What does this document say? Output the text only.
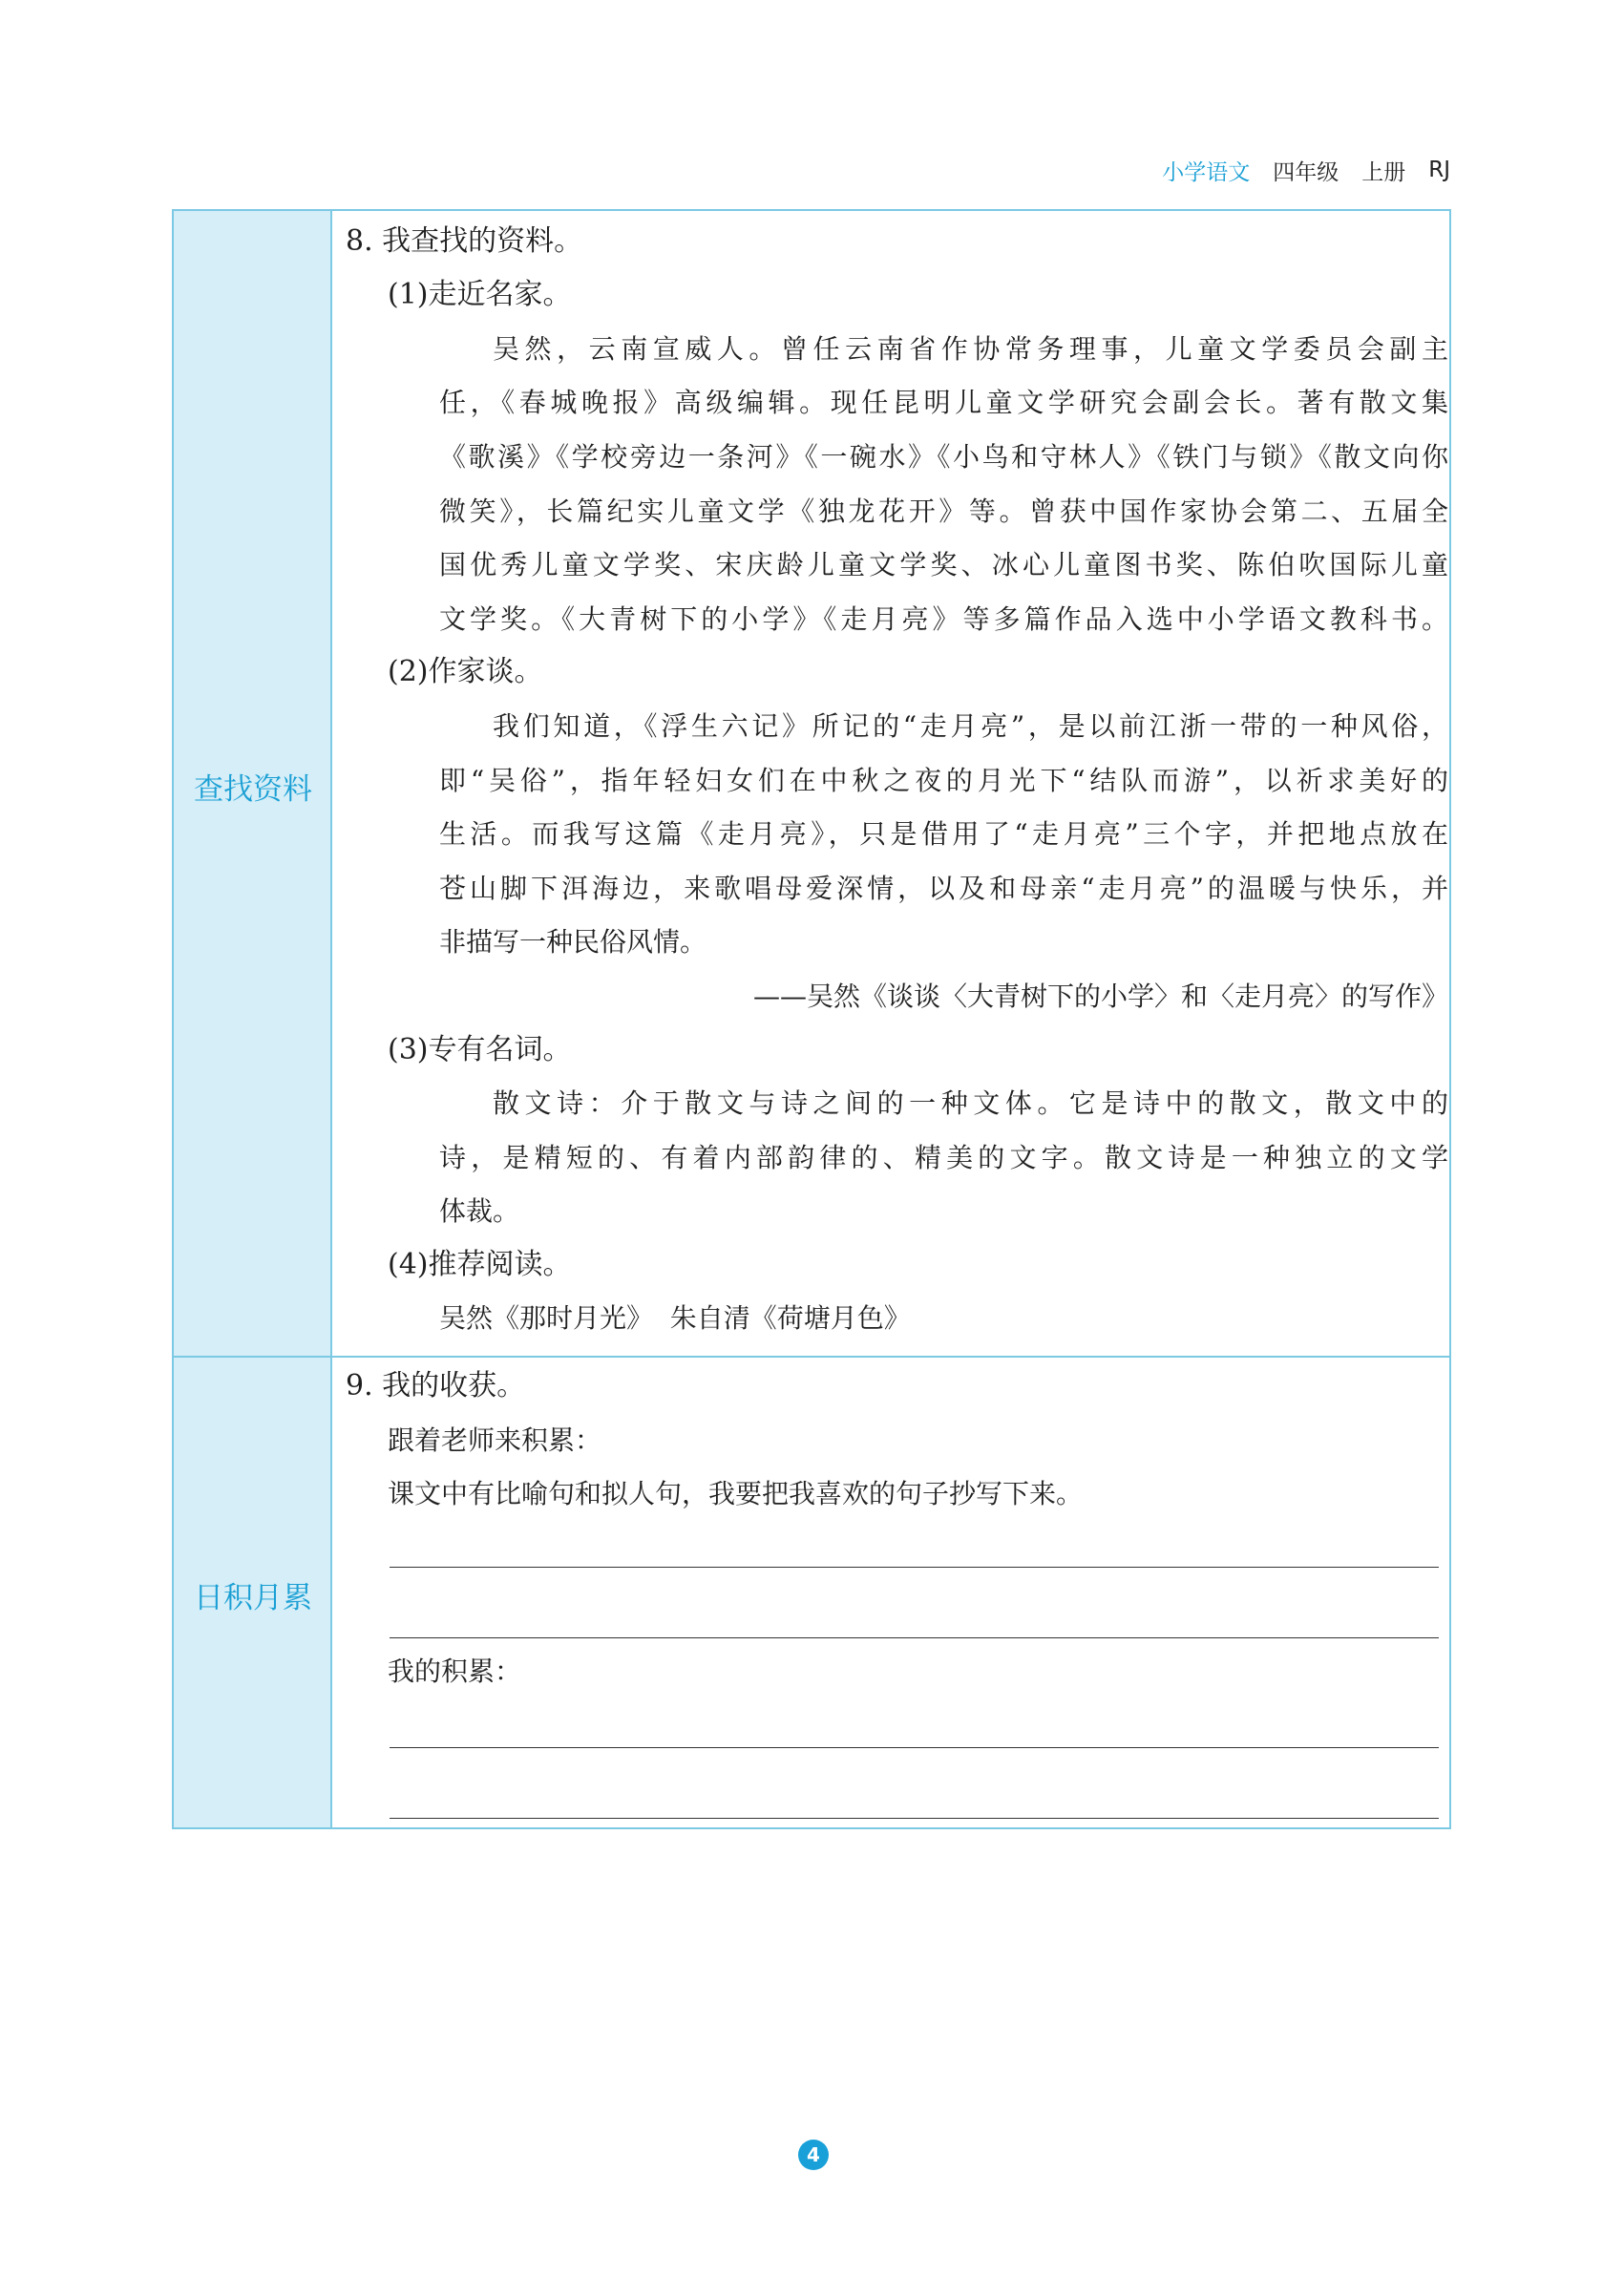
小学语文 四年级 上册 RJ
查找资料
日积月累
8. 我查找的资料。
(1)走近名家。
吴然，云南宣威人。曾任云南省作协常务理事，儿童文学委员会副主
任，《春城晚报》高级编辑。现任昆明儿童文学研究会副会长。著有散文集
《歌溪》《学校旁边一条河》《一碗水》《小鸟和守林人》《铁门与锁》《散文向你
微笑》，长篇纪实儿童文学《独龙花开》等。曾获中国作家协会第二、五届全
国优秀儿童文学奖、宋庆龄儿童文学奖、冰心儿童图书奖、陈伯吹国际儿童
文学奖。《大青树下的小学》《走月亮》等多篇作品入选中小学语文教科书。
(2)作家谈。
我们知道，《浮生六记》所记的“走月亮”，是以前江浙一带的一种风俗，
即“吴俗”，指年轻妇女们在中秋之夜的月光下“结队而游”，以祈求美好的
生活。而我写这篇《走月亮》，只是借用了“走月亮”三个字，并把地点放在
苍山脚下洱海边，来歌唱母爱深情，以及和母亲“走月亮”的温暖与快乐，并
非描写一种民俗风情。
——吴然《谈谈〈大青树下的小学〉和〈走月亮〉的写作》
(3)专有名词。
散文诗：介于散文与诗之间的一种文体。它是诗中的散文，散文中的
诗，是精短的、有着内部韵律的、精美的文字。散文诗是一种独立的文学
体裁。
(4)推荐阅读。
吴然《那时月光》  朱自清《荷塘月色》
9. 我的收获。
跟着老师来积累：
课文中有比喻句和拟人句，我要把我喜欢的句子抄写下来。
我的积累：
4
